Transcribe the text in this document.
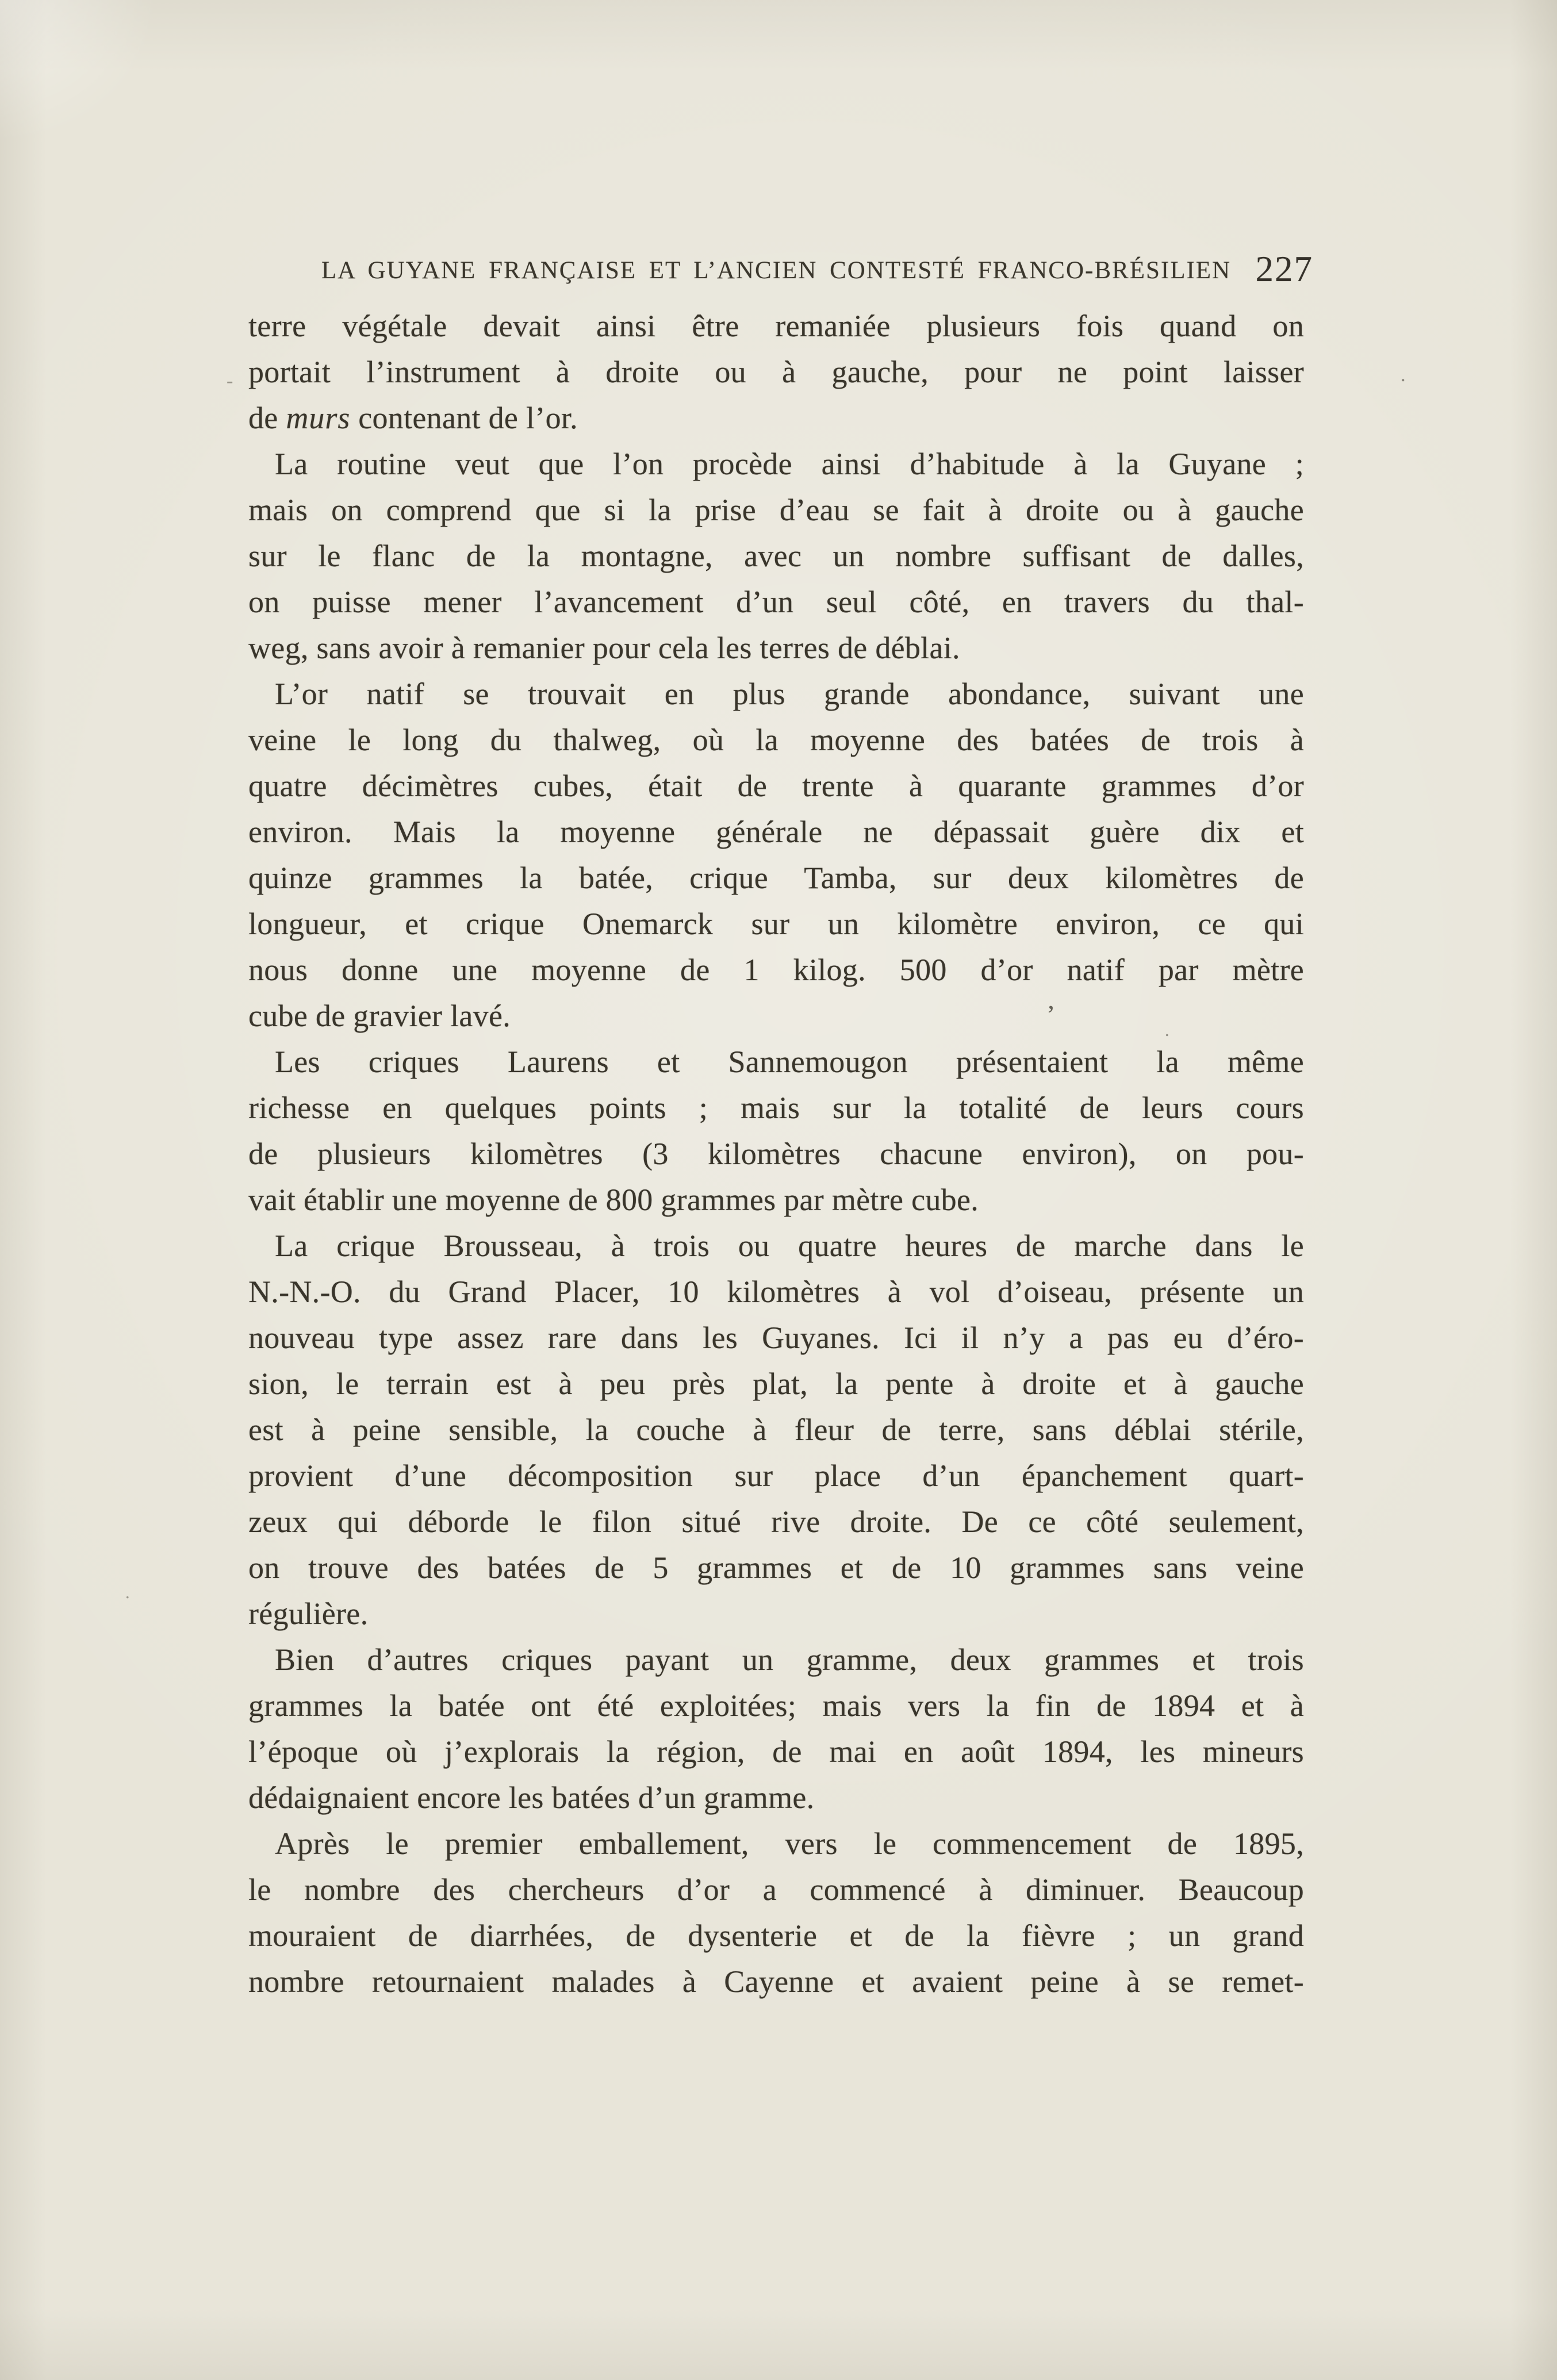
LA GUYANE FRANÇAISE ET L’ANCIEN CONTESTÉ FRANCO-BRÉSILIEN 227
terre végétale devait ainsi être remaniée plusieurs fois quand on
portait l’instrument à droite ou à gauche, pour ne point laisser
de murs contenant de l’or.
La routine veut que l’on procède ainsi d’habitude à la Guyane ;
mais on comprend que si la prise d’eau se fait à droite ou à gauche
sur le flanc de la montagne, avec un nombre suffisant de dalles,
on puisse mener l’avancement d’un seul côté, en travers du thal-
weg, sans avoir à remanier pour cela les terres de déblai.
L’or natif se trouvait en plus grande abondance, suivant une
veine le long du thalweg, où la moyenne des batées de trois à
quatre décimètres cubes, était de trente à quarante grammes d’or
environ. Mais la moyenne générale ne dépassait guère dix et
quinze grammes la batée, crique Tamba, sur deux kilomètres de
longueur, et crique Onemarck sur un kilomètre environ, ce qui
nous donne une moyenne de 1 kilog. 500 d’or natif par mètre
cube de gravier lavé.
Les criques Laurens et Sannemougon présentaient la même
richesse en quelques points ; mais sur la totalité de leurs cours
de plusieurs kilomètres (3 kilomètres chacune environ), on pou-
vait établir une moyenne de 800 grammes par mètre cube.
La crique Brousseau, à trois ou quatre heures de marche dans le
N.-N.-O. du Grand Placer, 10 kilomètres à vol d’oiseau, présente un
nouveau type assez rare dans les Guyanes. Ici il n’y a pas eu d’éro-
sion, le terrain est à peu près plat, la pente à droite et à gauche
est à peine sensible, la couche à fleur de terre, sans déblai stérile,
provient d’une décomposition sur place d’un épanchement quart-
zeux qui déborde le filon situé rive droite. De ce côté seulement,
on trouve des batées de 5 grammes et de 10 grammes sans veine
régulière.
Bien d’autres criques payant un gramme, deux grammes et trois
grammes la batée ont été exploitées; mais vers la fin de 1894 et à
l’époque où j’explorais la région, de mai en août 1894, les mineurs
dédaignaient encore les batées d’un gramme.
Après le premier emballement, vers le commencement de 1895,
le nombre des chercheurs d’or a commencé à diminuer. Beaucoup
mouraient de diarrhées, de dysenterie et de la fièvre ; un grand
nombre retournaient malades à Cayenne et avaient peine à se remet-
’
.
.
-
.
